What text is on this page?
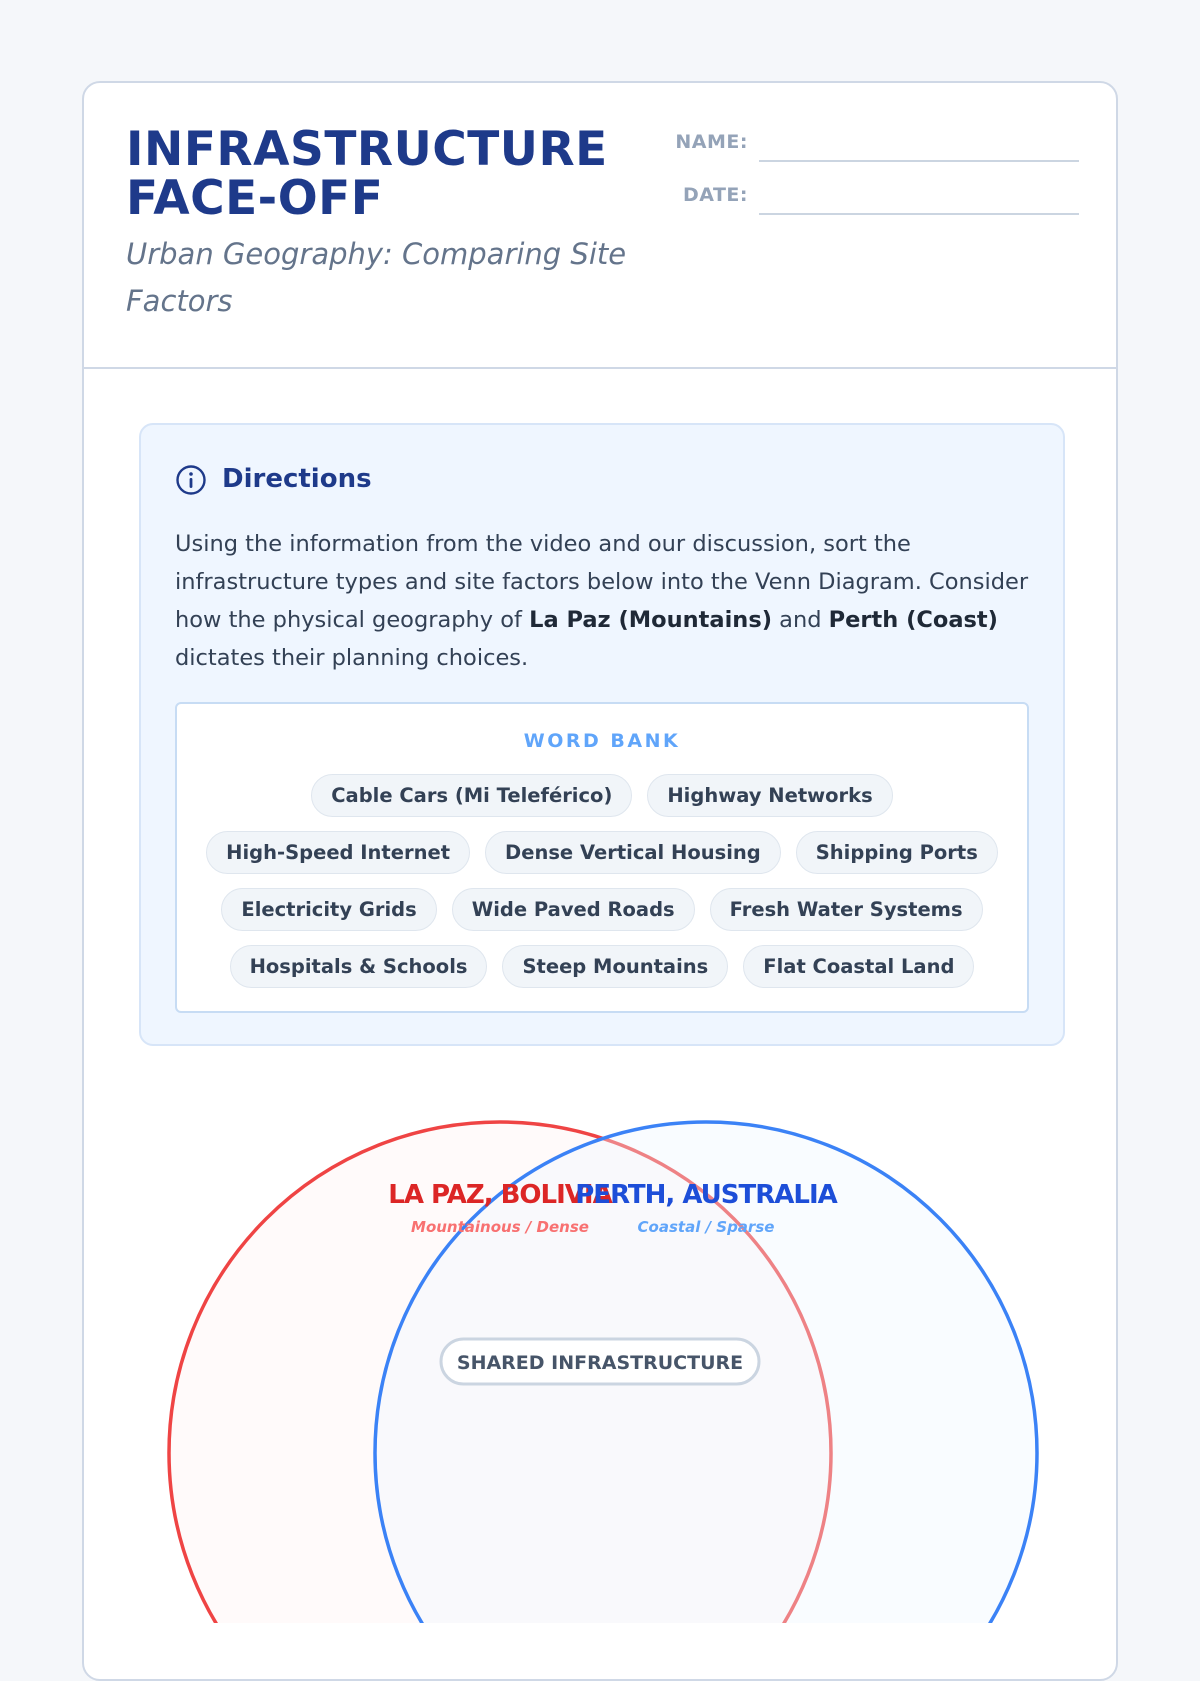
INFRASTRUCTURE
FACE-OFF

Urban Geography: Comparing Site Factors

NAME:
DATE:
Directions

Using the information from the video and our discussion, sort the infrastructure types and site factors below into the Venn Diagram. Consider how the physical geography of La Paz (Mountains) and Perth (Coast) dictates their planning choices.

WORD BANK
Cable Cars (Mi Teleférico)	Highway Networks
High-Speed Internet	Dense Vertical Housing	Shipping Ports
Electricity Grids	Wide Paved Roads	Fresh Water Systems
Hospitals & Schools	Steep Mountains	Flat Coastal Land
LA PAZ, BOLIVIA
PERTH, AUSTRALIA
Mountainous / Dense	Coastal / Sparse
SHARED INFRASTRUCTURE
